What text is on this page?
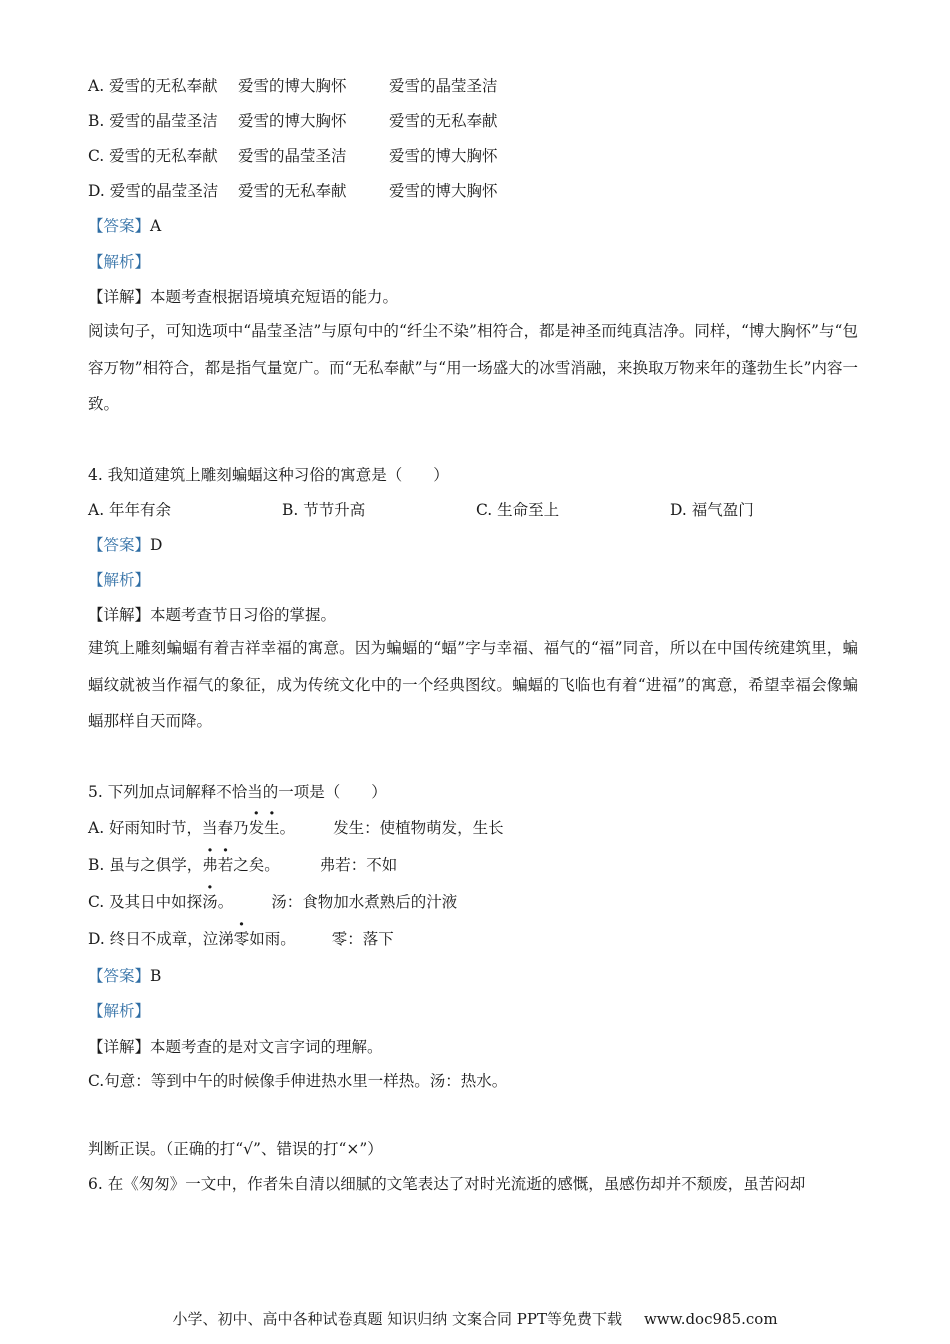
A. 爱雪的无私奉献	爱雪的博大胸怀	爱雪的晶莹圣洁
B. 爱雪的晶莹圣洁	爱雪的博大胸怀	爱雪的无私奉献
C. 爱雪的无私奉献	爱雪的晶莹圣洁	爱雪的博大胸怀
D. 爱雪的晶莹圣洁	爱雪的无私奉献	爱雪的博大胸怀
【答案】A
【解析】
【详解】本题考查根据语境填充短语的能力。
阅读句子，可知选项中“晶莹圣洁”与原句中的“纤尘不染”相符合，都是神圣而纯真洁净。同样，“博大胸怀”与“包容万物”相符合，都是指气量宽广。而“无私奉献”与“用一场盛大的冰雪消融，来换取万物来年的蓬勃生长”内容一致。
4. 我知道建筑上雕刻蝙蝠这种习俗的寓意是（　　）
A. 年年有余	B. 节节升高	C. 生命至上	D. 福气盈门
【答案】D
【解析】
【详解】本题考查节日习俗的掌握。
建筑上雕刻蝙蝠有着吉祥幸福的寓意。因为蝙蝠的“蝠”字与幸福、福气的“福”同音，所以在中国传统建筑里，蝙蝠纹就被当作福气的象征，成为传统文化中的一个经典图纹。蝙蝠的飞临也有着“进福”的寓意，希望幸福会像蝙蝠那样自天而降。
5. 下列加点词解释不恰当的一项是（　　）
A. 好雨知时节，当春乃发生。 发生：使植物萌发，生长
B. 虽与之俱学，弗若之矣。	弗若：不如
C. 及其日中如探汤。 汤：食物加水煮熟后的汁液
D. 终日不成章，泣涕零如雨。 零：落下
【答案】B
【解析】
【详解】本题考查的是对文言字词的理解。
C.句意：等到中午的时候像手伸进热水里一样热。汤：热水。
判断正误。（正确的打“√”、错误的打“×”）
6. 在《匆匆》一文中，作者朱自清以细腻的文笔表达了对时光流逝的感慨，虽感伤却并不颓废，虽苦闷却
小学、初中、高中各种试卷真题 知识归纳 文案合同 PPT等免费下载 www.doc985.com
